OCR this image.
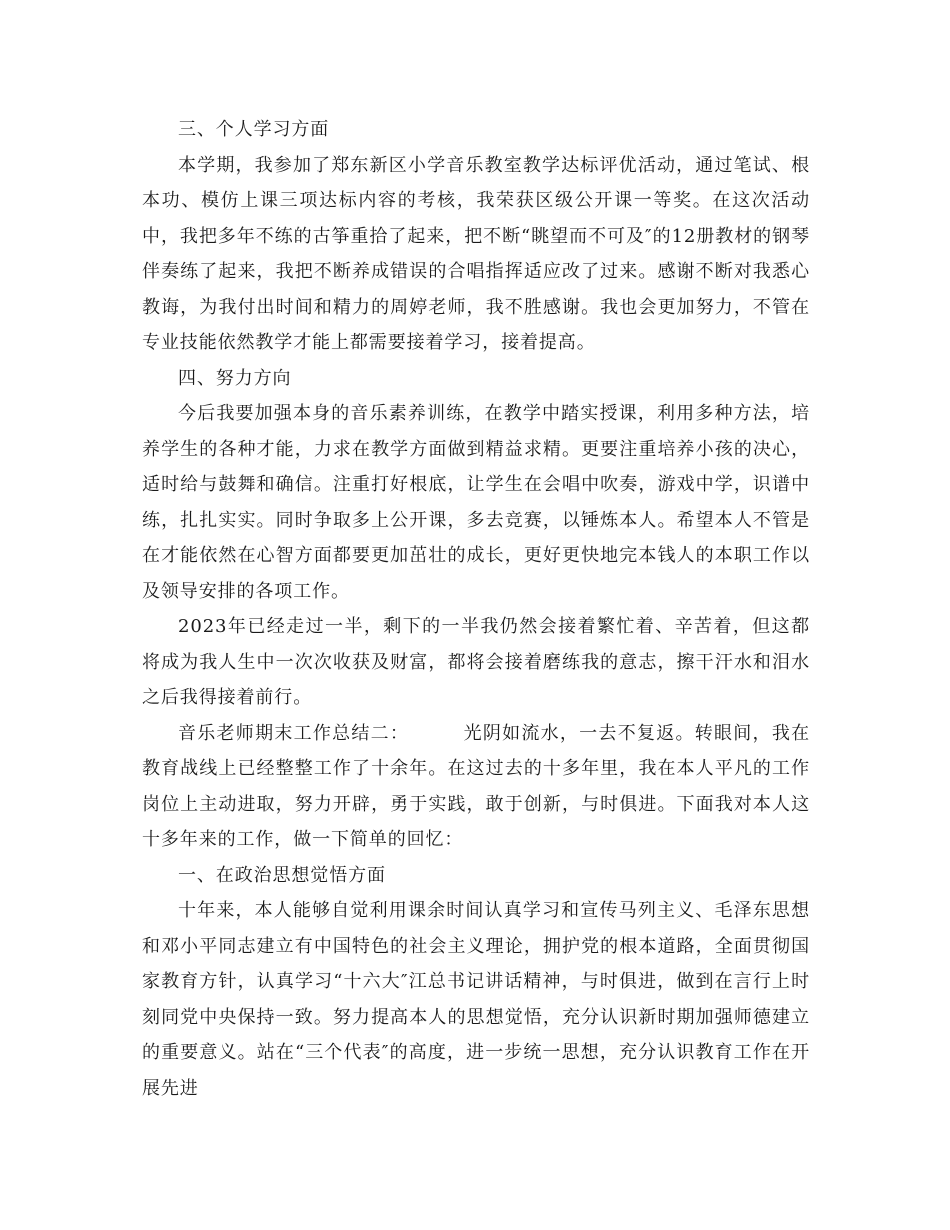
三、个人学习方面

本学期，我参加了郑东新区小学音乐教室教学达标评优活动，通过笔试、根本功、模仿上课三项达标内容的考核，我荣获区级公开课一等奖。在这次活动中，我把多年不练的古筝重拾了起来，把不断“眺望而不可及″的12册教材的钢琴伴奏练了起来，我把不断养成错误的合唱指挥适应改了过来。感谢不断对我悉心教诲，为我付出时间和精力的周婷老师，我不胜感谢。我也会更加努力，不管在专业技能依然教学才能上都需要接着学习，接着提高。

四、努力方向

今后我要加强本身的音乐素养训练，在教学中踏实授课，利用多种方法，培养学生的各种才能，力求在教学方面做到精益求精。更要注重培养小孩的决心，适时给与鼓舞和确信。注重打好根底，让学生在会唱中吹奏，游戏中学，识谱中练，扎扎实实。同时争取多上公开课，多去竞赛，以锤炼本人。希望本人不管是在才能依然在心智方面都要更加茁壮的成长，更好更快地完本钱人的本职工作以及领导安排的各项工作。

2023年已经走过一半，剩下的一半我仍然会接着繁忙着、辛苦着，但这都将成为我人生中一次次收获及财富，都将会接着磨练我的意志，擦干汗水和泪水之后我得接着前行。

音乐老师期末工作总结二：	光阴如流水，一去不复返。转眼间，我在教育战线上已经整整工作了十余年。在这过去的十多年里，我在本人平凡的工作岗位上主动进取，努力开辟，勇于实践，敢于创新，与时俱进。下面我对本人这十多年来的工作，做一下简单的回忆：

一、在政治思想觉悟方面

十年来，本人能够自觉利用课余时间认真学习和宣传马列主义、毛泽东思想和邓小平同志建立有中国特色的社会主义理论，拥护党的根本道路，全面贯彻国家教育方针，认真学习“十六大″江总书记讲话精神，与时俱进，做到在言行上时刻同党中央保持一致。努力提高本人的思想觉悟，充分认识新时期加强师德建立的重要意义。站在“三个代表″的高度，进一步统一思想，充分认识教育工作在开展先进
